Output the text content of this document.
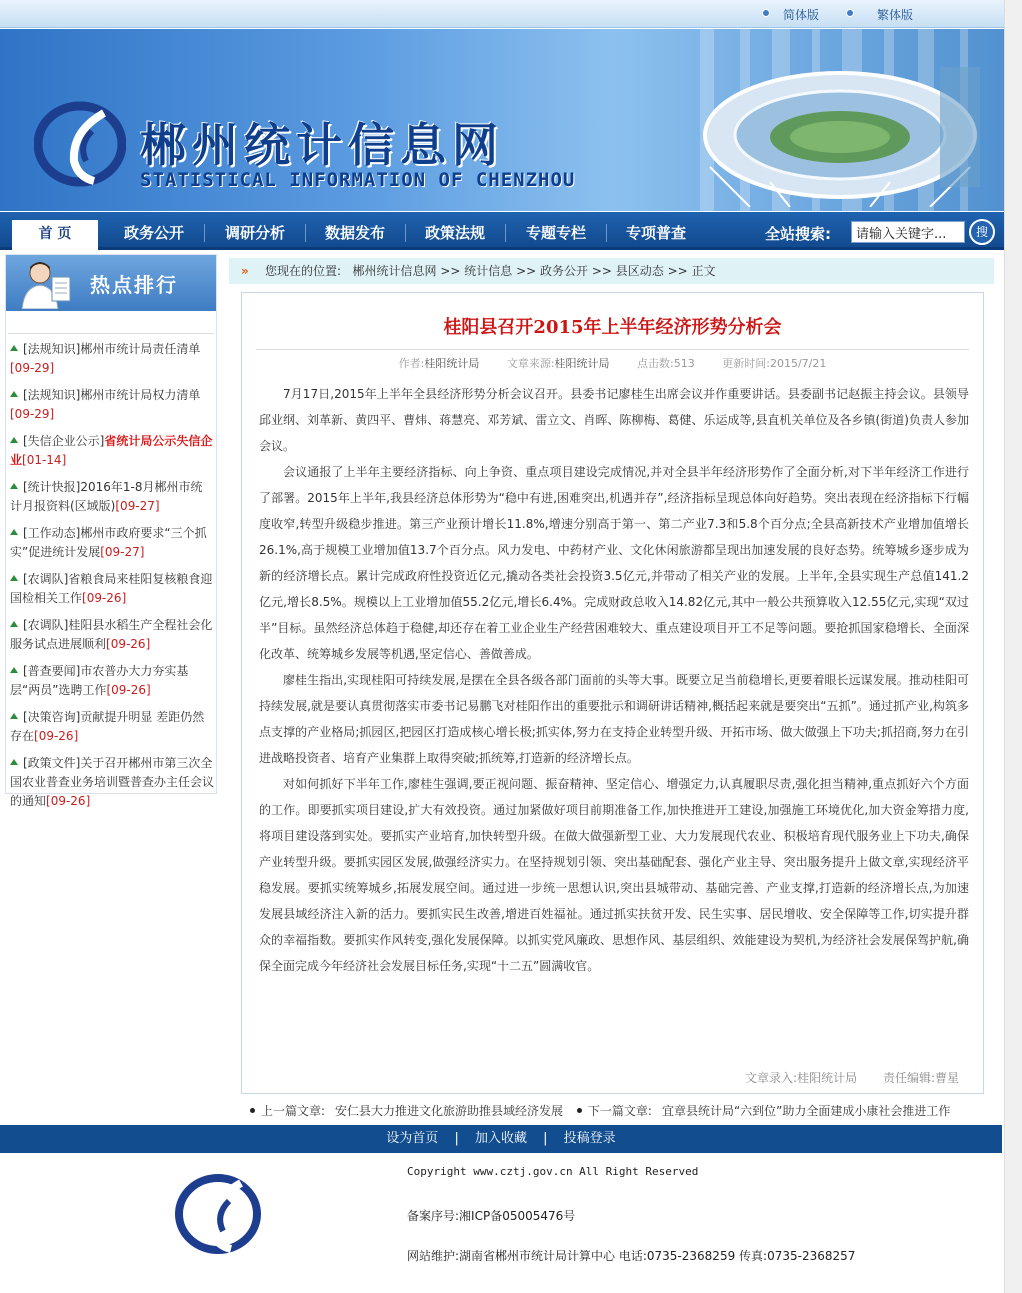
简体版	繁体版
郴州统计信息网
STATISTICAL INFORMATION OF CHENZHOU
首 页	政务公开	调研分析	数据发布	政策法规	专题专栏	专项普查	全站搜索:
请输入关键字...	搜
热点排行
[法规知识]郴州市统计局责任清单[09-29]
[法规知识]郴州市统计局权力清单[09-29]
[失信企业公示]省统计局公示失信企业[01-14]
[统计快报]2016年1-8月郴州市统计月报资料(区域版)[09-27]
[工作动态]郴州市政府要求“三个抓实”促进统计发展[09-27]
[农调队]省粮食局来桂阳复核粮食迎国检相关工作[09-26]
[农调队]桂阳县水稻生产全程社会化服务试点进展顺利[09-26]
[普查要闻]市农普办大力夯实基层“两员”选聘工作[09-26]
[决策咨询]贡献提升明显 差距仍然存在[09-26]
[政策文件]关于召开郴州市第三次全国农业普查业务培训暨普查办主任会议的通知[09-26]
» 您现在的位置: 郴州统计信息网 >> 统计信息 >> 政务公开 >> 县区动态 >> 正文
桂阳县召开2015年上半年经济形势分析会
作者:桂阳统计局	文章来源:桂阳统计局	点击数:513	更新时间:2015/7/21

7月17日,2015年上半年全县经济形势分析会议召开。县委书记廖桂生出席会议并作重要讲话。县委副书记赵振主持会议。县领导邱业纲、刘革新、黄四平、曹炜、蒋慧亮、邓芳斌、雷立文、肖晖、陈柳梅、葛健、乐运成等,县直机关单位及各乡镇(街道)负责人参加会议。

会议通报了上半年主要经济指标、向上争资、重点项目建设完成情况,并对全县半年经济形势作了全面分析,对下半年经济工作进行了部署。2015年上半年,我县经济总体形势为“稳中有进,困难突出,机遇并存”,经济指标呈现总体向好趋势。突出表现在经济指标下行幅度收窄,转型升级稳步推进。第三产业预计增长11.8%,增速分别高于第一、第二产业7.3和5.8个百分点;全县高新技术产业增加值增长26.1%,高于规模工业增加值13.7个百分点。风力发电、中药材产业、文化休闲旅游都呈现出加速发展的良好态势。统筹城乡逐步成为新的经济增长点。累计完成政府性投资近亿元,撬动各类社会投资3.5亿元,并带动了相关产业的发展。上半年,全县实现生产总值141.2亿元,增长8.5%。规模以上工业增加值55.2亿元,增长6.4%。完成财政总收入14.82亿元,其中一般公共预算收入12.55亿元,实现“双过半”目标。虽然经济总体趋于稳健,却还存在着工业企业生产经营困难较大、重点建设项目开工不足等问题。要抢抓国家稳增长、全面深化改革、统筹城乡发展等机遇,坚定信心、善做善成。

廖桂生指出,实现桂阳可持续发展,是摆在全县各级各部门面前的头等大事。既要立足当前稳增长,更要着眼长远谋发展。推动桂阳可持续发展,就是要认真贯彻落实市委书记易鹏飞对桂阳作出的重要批示和调研讲话精神,概括起来就是要突出“五抓”。通过抓产业,构筑多点支撑的产业格局;抓园区,把园区打造成核心增长极;抓实体,努力在支持企业转型升级、开拓市场、做大做强上下功夫;抓招商,努力在引进战略投资者、培育产业集群上取得突破;抓统筹,打造新的经济增长点。

对如何抓好下半年工作,廖桂生强调,要正视问题、振奋精神、坚定信心、增强定力,认真履职尽责,强化担当精神,重点抓好六个方面的工作。即要抓实项目建设,扩大有效投资。通过加紧做好项目前期准备工作,加快推进开工建设,加强施工环境优化,加大资金筹措力度,将项目建设落到实处。要抓实产业培育,加快转型升级。在做大做强新型工业、大力发展现代农业、积极培育现代服务业上下功夫,确保产业转型升级。要抓实园区发展,做强经济实力。在坚持规划引领、突出基础配套、强化产业主导、突出服务提升上做文章,实现经济平稳发展。要抓实统筹城乡,拓展发展空间。通过进一步统一思想认识,突出县城带动、基础完善、产业支撑,打造新的经济增长点,为加速发展县域经济注入新的活力。要抓实民生改善,增进百姓福祉。通过抓实扶贫开发、民生实事、居民增收、安全保障等工作,切实提升群众的幸福指数。要抓实作风转变,强化发展保障。以抓实党风廉政、思想作风、基层组织、效能建设为契机,为经济社会发展保驾护航,确保全面完成今年经济社会发展目标任务,实现“十二五”圆满收官。

文章录入:桂阳统计局 责任编辑:曹星
上一篇文章: 安仁县大力推进文化旅游助推县域经济发展 下一篇文章: 宜章县统计局“六到位”助力全面建成小康社会推进工作
设为首页 | 加入收藏 | 投稿登录
Copyright www.cztj.gov.cn All Right Reserved
备案序号:湘ICP备05005476号
网站维护:湖南省郴州市统计局计算中心 电话:0735-2368259 传真:0735-2368257
